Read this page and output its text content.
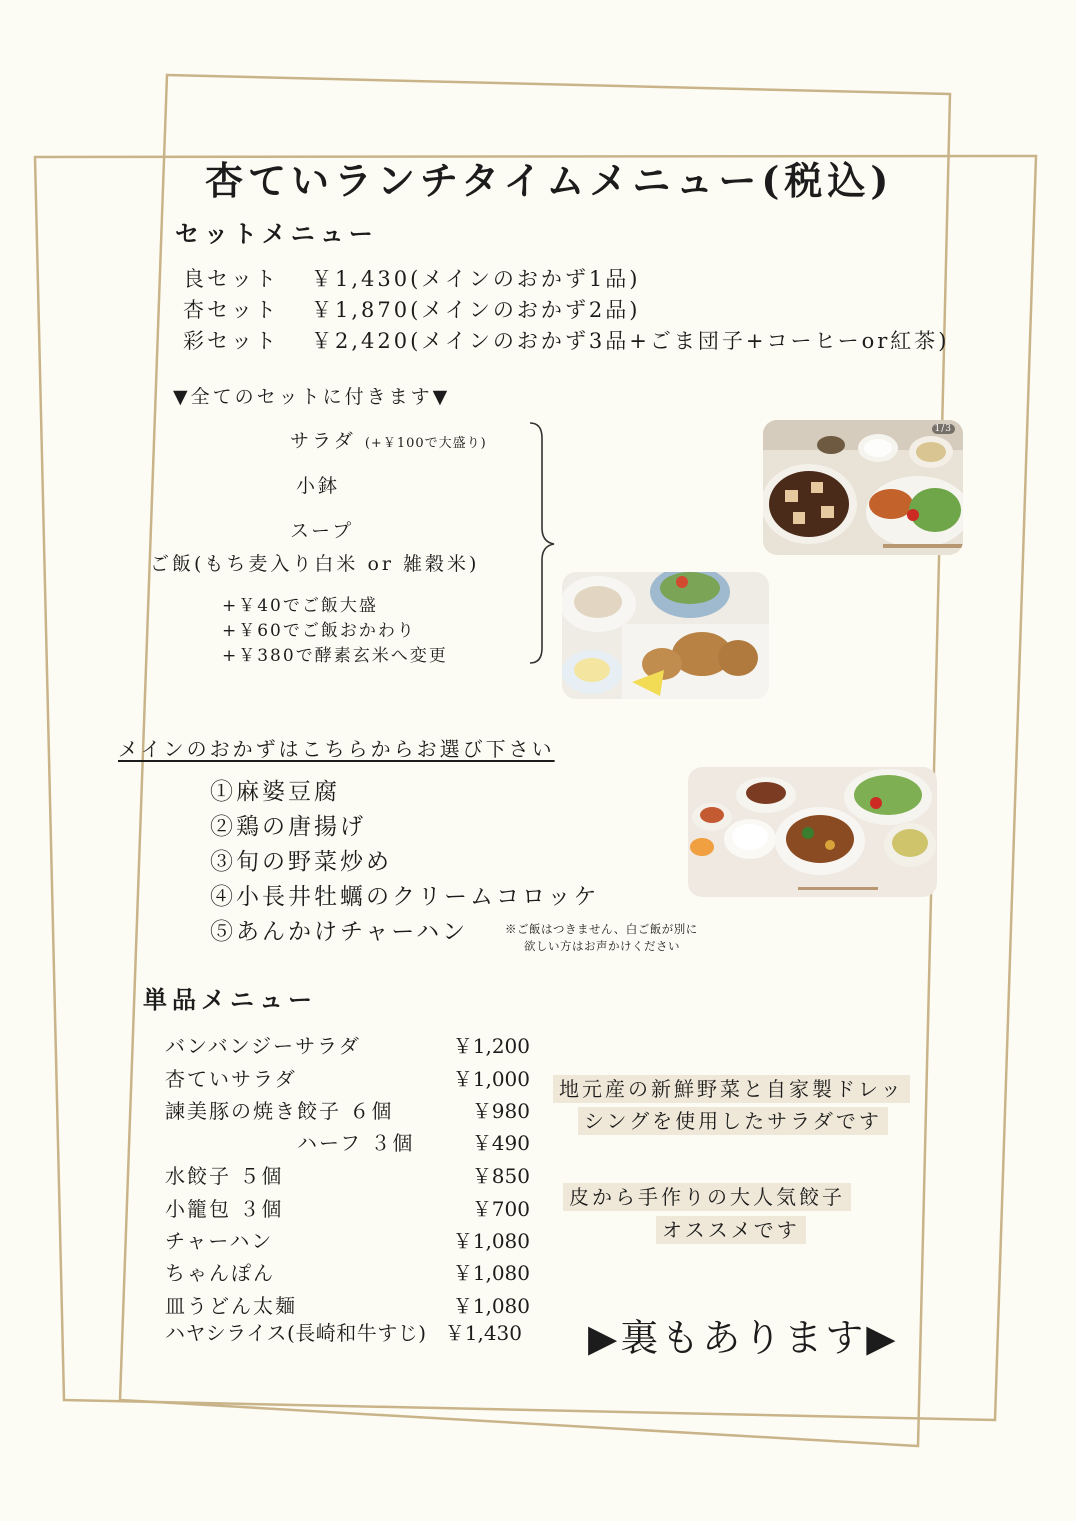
杏ていランチタイムメニュー(税込)
セットメニュー
良セット ￥1,430(メインのおかず1品)
杏セット ￥1,870(メインのおかず2品)
彩セット ￥2,420(メインのおかず3品+ごま団子+コーヒーor紅茶)
▼全てのセットに付きます▼
サラダ (+￥100で大盛り)
小鉢
スープ
ご飯(もち麦入り白米 or 雑穀米)
+￥40でご飯大盛
+￥60でご飯おかわり
+￥380で酵素玄米へ変更
1/3
メインのおかずはこちらからお選び下さい
①麻婆豆腐
②鶏の唐揚げ
③旬の野菜炒め
④小長井牡蠣のクリームコロッケ
⑤あんかけチャーハン	※ご飯はつきません、白ご飯が別に
欲しい方はお声かけください
単品メニュー
バンバンジーサラダ	￥1,200
杏ていサラダ	￥1,000
諫美豚の焼き餃子 ６個	￥980
ハーフ ３個	￥490
水餃子 ５個	￥850
小籠包 ３個	￥700
チャーハン	￥1,080
ちゃんぽん	￥1,080
皿うどん太麺	￥1,080
ハヤシライス(長崎和牛すじ) ￥1,430
地元産の新鮮野菜と自家製ドレッ
シングを使用したサラダです
皮から手作りの大人気餃子
オススメです
▶裏もあります▶
